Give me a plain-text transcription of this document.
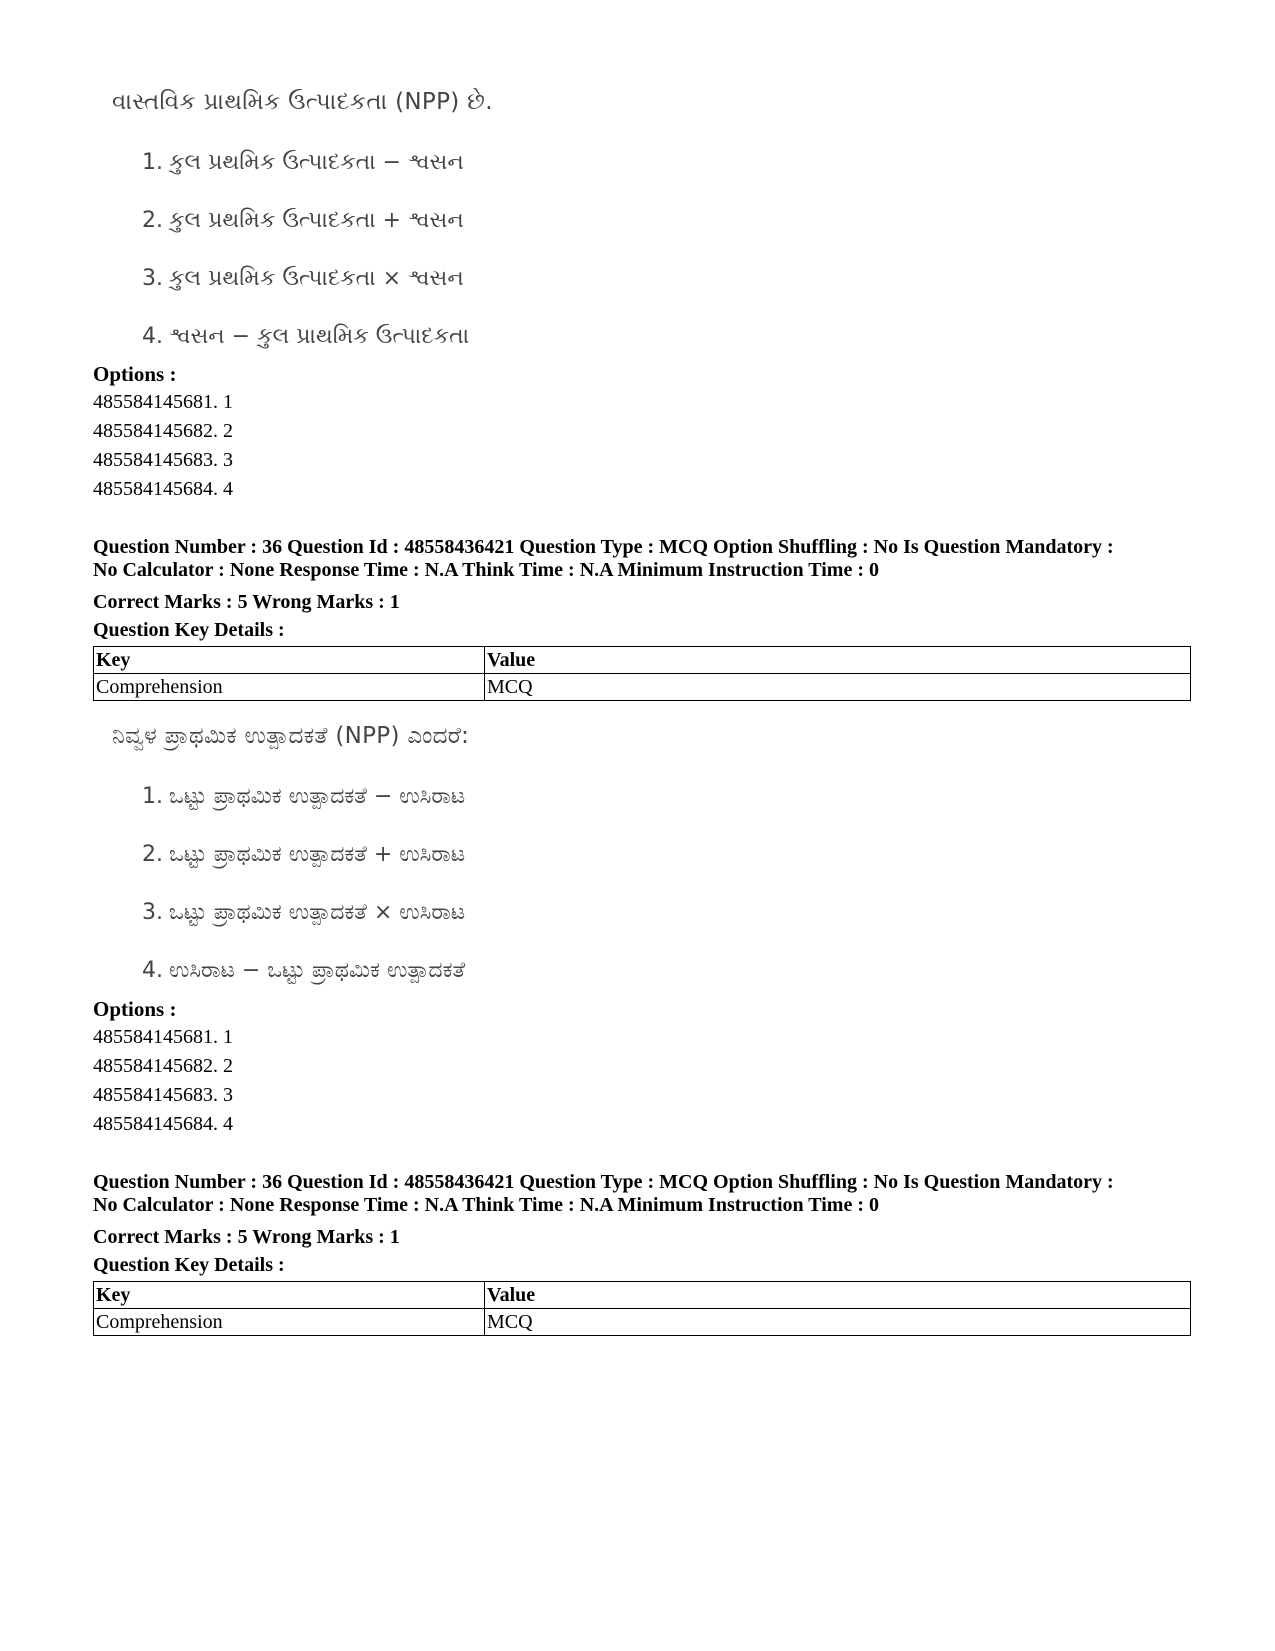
વાસ્તવિક પ્રાથમિક ઉત્પાદકતા (NPP) છે.
1. કુલ પ્રથમિક ઉત્પાદકતા − શ્વસન
2. કુલ પ્રથમિક ઉત્પાદકતા + શ્વસન
3. કુલ પ્રથમિક ઉત્પાદકતા × શ્વસન
4. શ્વસન − કુલ પ્રાથમિક ઉત્પાદકતા
Options :
485584145681. 1
485584145682. 2
485584145683. 3
485584145684. 4
Question Number : 36 Question Id : 48558436421 Question Type : MCQ Option Shuffling : No Is Question Mandatory :
No Calculator : None Response Time : N.A Think Time : N.A Minimum Instruction Time : 0
Correct Marks : 5 Wrong Marks : 1
Question Key Details :
Key	Value
Comprehension	MCQ
ನಿವ್ವಳ ಪ್ರಾಥಮಿಕ ಉತ್ಪಾದಕತೆ (NPP) ಎಂದರೆ:
1. ಒಟ್ಟು ಪ್ರಾಥಮಿಕ ಉತ್ಪಾದಕತೆ − ಉಸಿರಾಟ
2. ಒಟ್ಟು ಪ್ರಾಥಮಿಕ ಉತ್ಪಾದಕತೆ + ಉಸಿರಾಟ
3. ಒಟ್ಟು ಪ್ರಾಥಮಿಕ ಉತ್ಪಾದಕತೆ × ಉಸಿರಾಟ
4. ಉಸಿರಾಟ − ಒಟ್ಟು ಪ್ರಾಥಮಿಕ ಉತ್ಪಾದಕತೆ
Options :
485584145681. 1
485584145682. 2
485584145683. 3
485584145684. 4
Question Number : 36 Question Id : 48558436421 Question Type : MCQ Option Shuffling : No Is Question Mandatory :
No Calculator : None Response Time : N.A Think Time : N.A Minimum Instruction Time : 0
Correct Marks : 5 Wrong Marks : 1
Question Key Details :
Key	Value
Comprehension	MCQ
